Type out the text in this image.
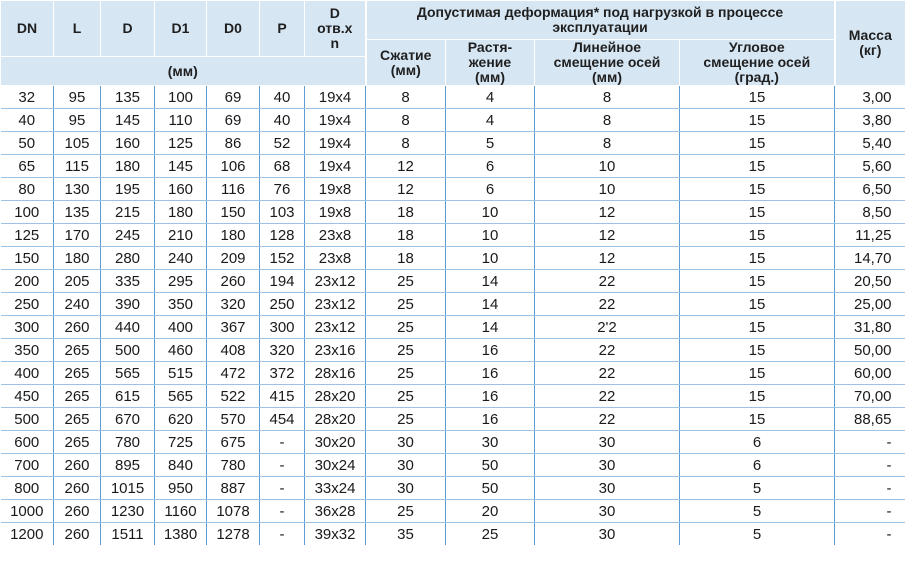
DN	L	D	D1	D0	P	D отв.х n	Допустимая деформация* под нагрузкой в процессе эксплуатации				Масса (кг)
							Сжатие (мм)	Растя- жение (мм)	Линейное смещение осей (мм)	Угловое смещение осей (град.)	
(мм)											
32	95	135	100	69	40	19x4	8	4	8	15	3,00
40	95	145	110	69	40	19x4	8	4	8	15	3,80
50	105	160	125	86	52	19x4	8	5	8	15	5,40
65	115	180	145	106	68	19x4	12	6	10	15	5,60
80	130	195	160	116	76	19x8	12	6	10	15	6,50
100	135	215	180	150	103	19x8	18	10	12	15	8,50
125	170	245	210	180	128	23x8	18	10	12	15	11,25
150	180	280	240	209	152	23x8	18	10	12	15	14,70
200	205	335	295	260	194	23x12	25	14	22	15	20,50
250	240	390	350	320	250	23x12	25	14	22	15	25,00
300	260	440	400	367	300	23x12	25	14	2'2	15	31,80
350	265	500	460	408	320	23x16	25	16	22	15	50,00
400	265	565	515	472	372	28x16	25	16	22	15	60,00
450	265	615	565	522	415	28x20	25	16	22	15	70,00
500	265	670	620	570	454	28x20	25	16	22	15	88,65
600	265	780	725	675	-	30x20	30	30	30	6	-
700	260	895	840	780	-	30x24	30	50	30	6	-
800	260	1015	950	887	-	33x24	30	50	30	5	-
1000	260	1230	1160	1078	-	36x28	25	20	30	5	-
1200	260	1511	1380	1278	-	39x32	35	25	30	5	-
